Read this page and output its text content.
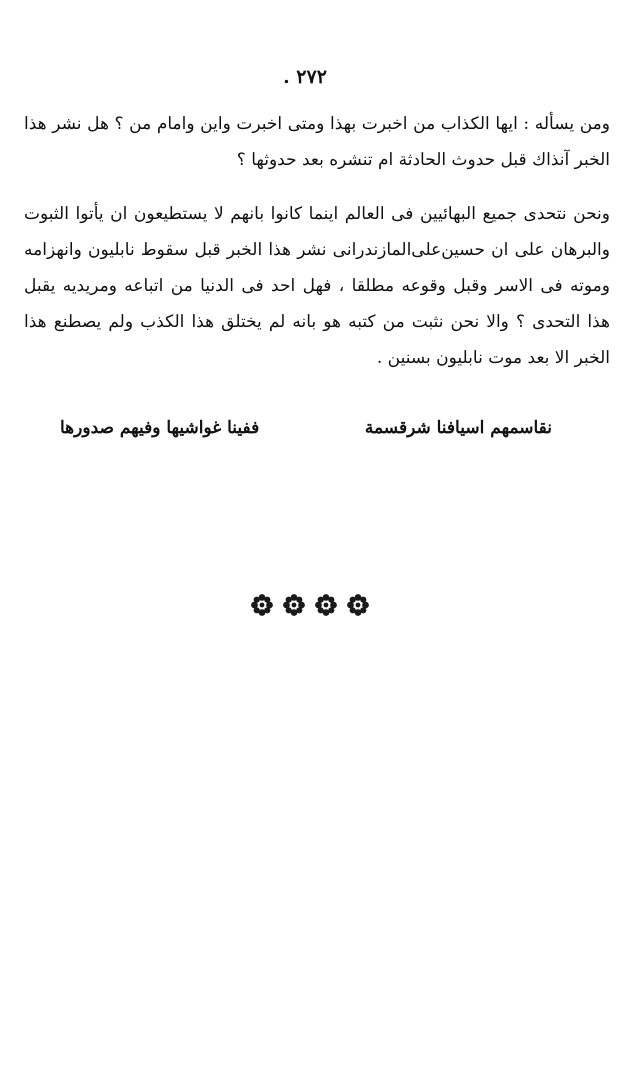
٢٧٢ .

ومن يسأله : ايها الكذاب من اخبرت بهذا ومتى اخبرت واين وامام من ؟ هل نشر هذا الخبر آنذاك قبل حدوث الحادثة ام تنشره بعد حدوثها ؟

ونحن نتحدى جميع البهائيين فى العالم اينما كانوا بانهم لا يستطيعون ان يأتوا الثبوت والبرهان على ان حسين‌على‌المازندرانى نشر هذا الخبر قبل سقوط نابليون وانهزامه وموته فى الاسر وقبل وقوعه مطلقا ، فهل احد فى الدنيا من اتباعه ومريديه يقبل هذا التحدى ؟ والا نحن نثبت من كتبه هو بانه لم يختلق هذا الكذب ولم يصطنع هذا الخبر الا بعد موت نابليون بسنين .

نقاسمهم اسيافنا شرقسمة
ففينا غواشيها وفيهم صدورها
